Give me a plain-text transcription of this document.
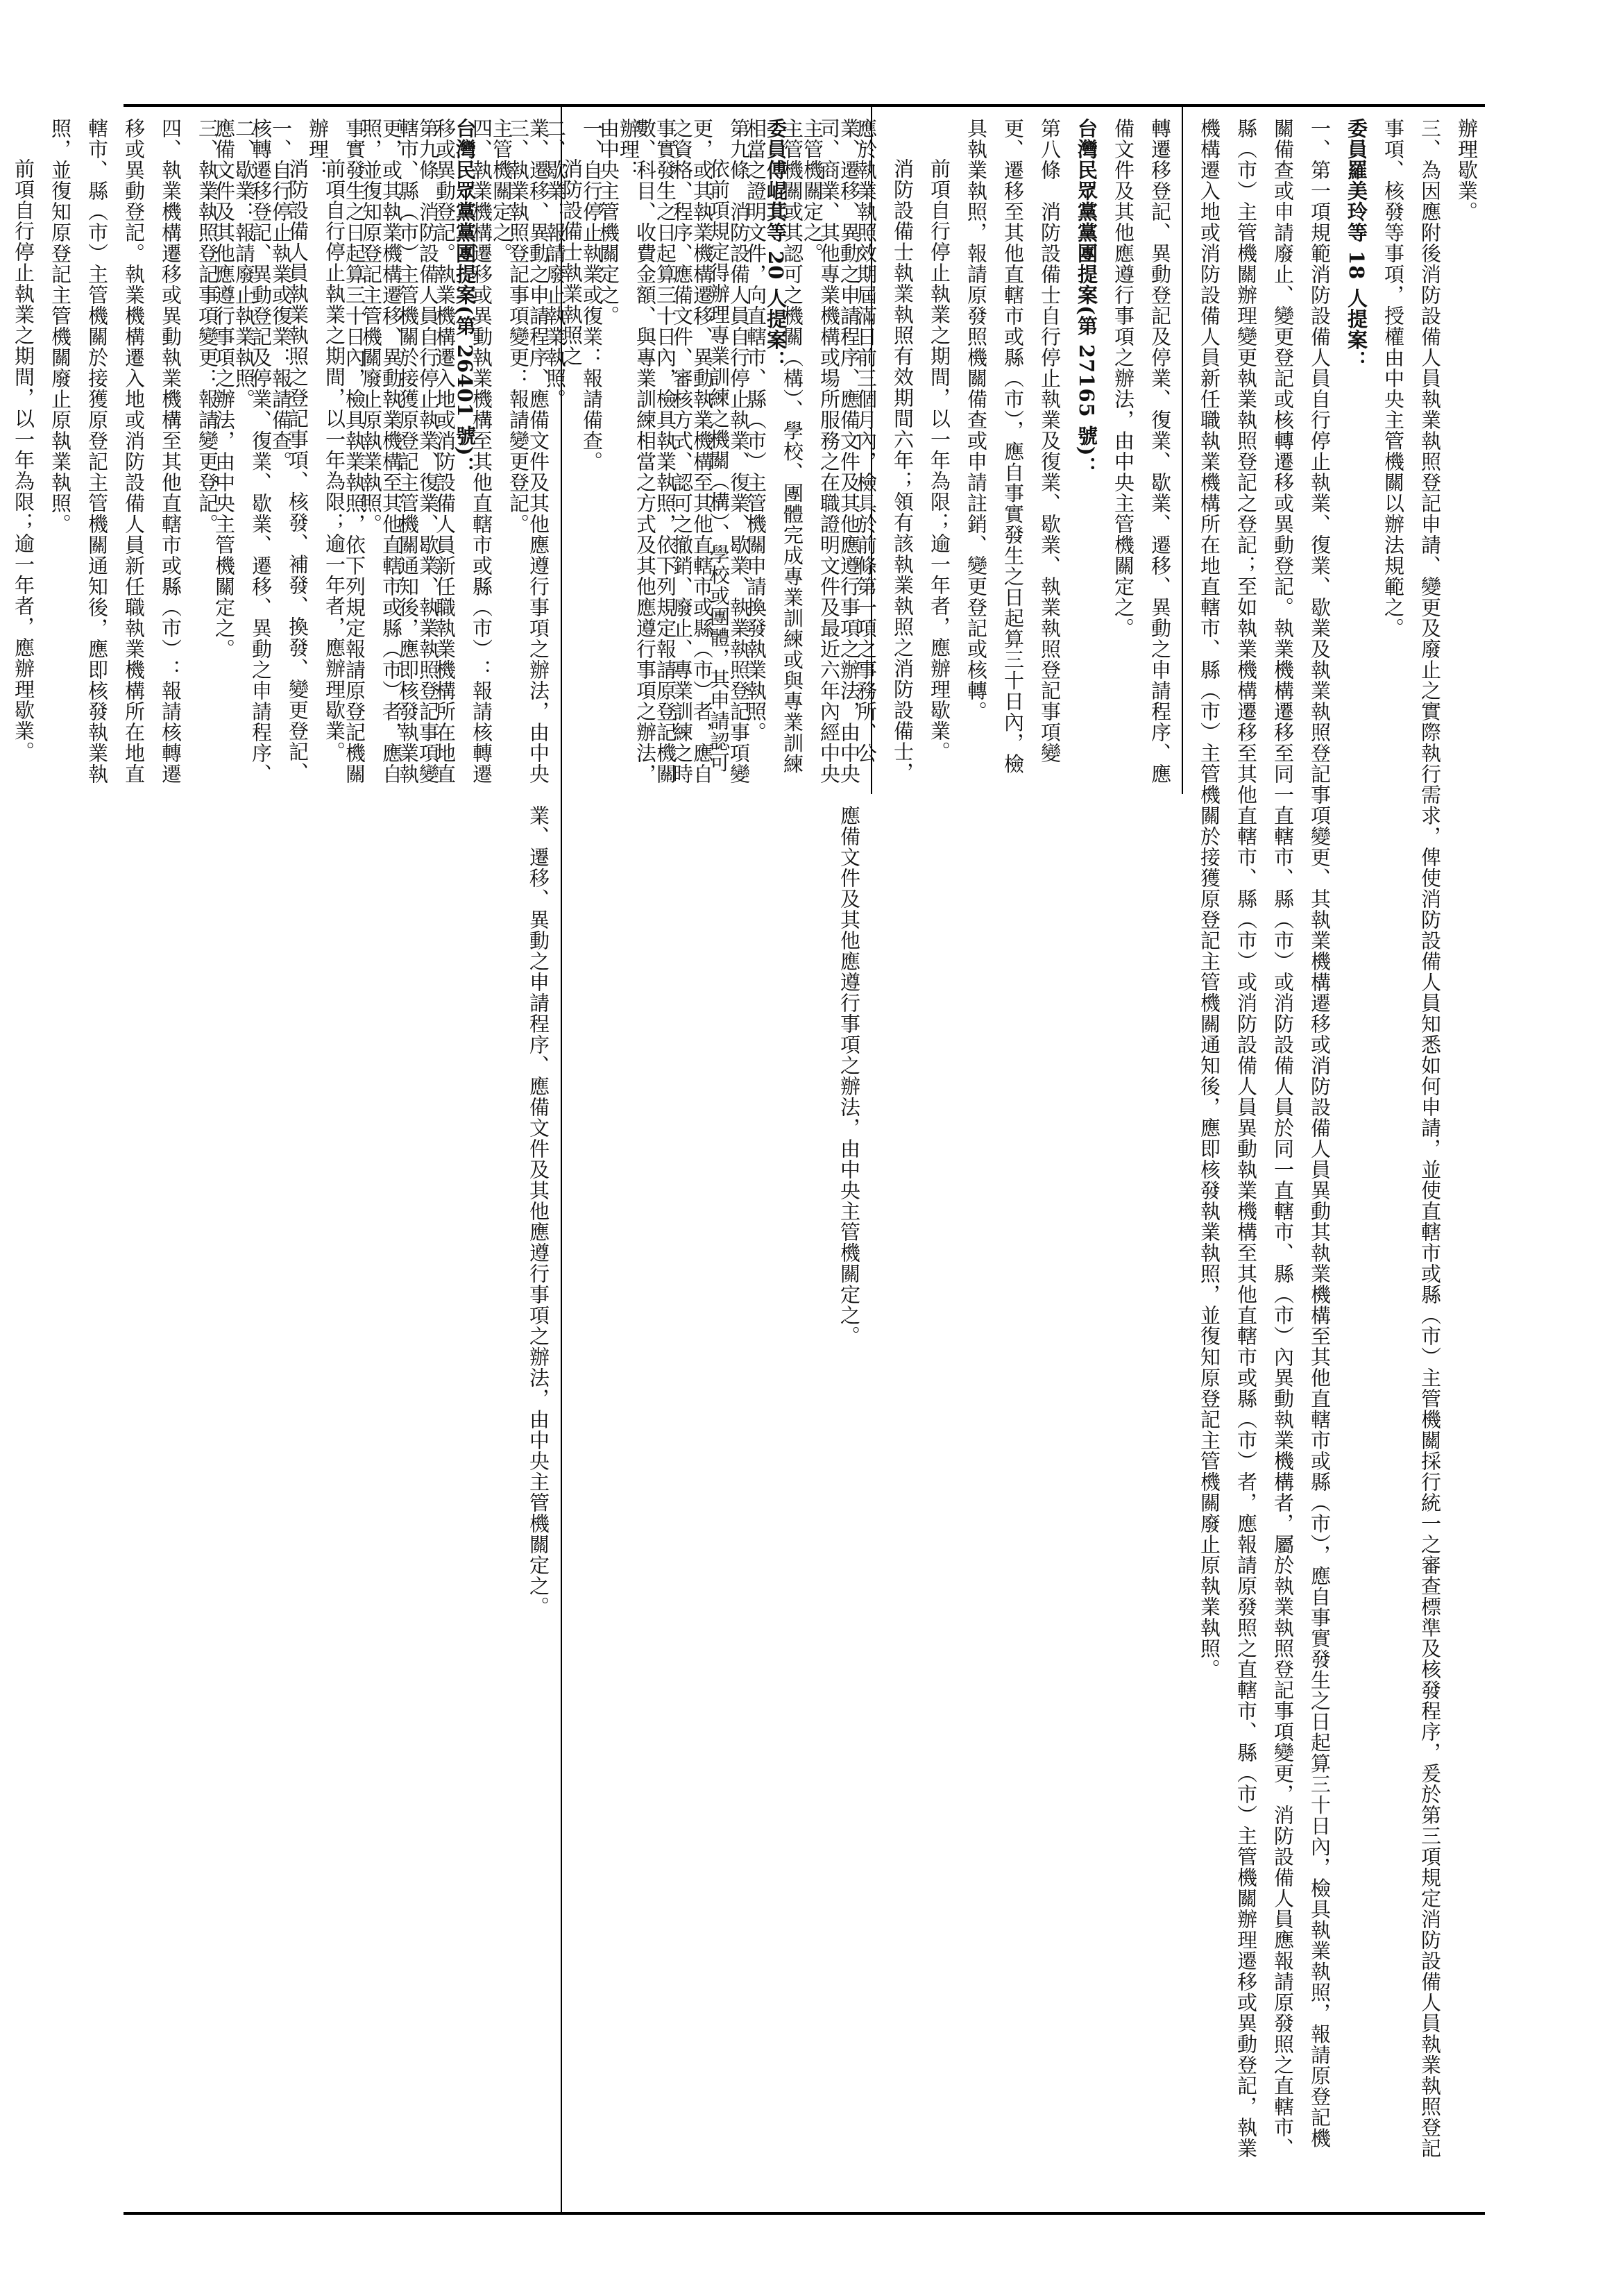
辦理歇業。

三、為因應附後消防設備人員執業執照登記申請、變更及廢止之實際執行需求，俾使消防設備人員知悉如何申請，並使直轄市或縣（市）主管機關採行統一之審查標準及核發程序，爰於第三項規定消防設備人員執業執照登記事項、核發等事項，授權由中央主管機關以辦法規範之。

委員羅美玲等 18 人提案：

一、第一項規範消防設備人員自行停止執業、復業、歇業及執業執照登記事項變更、其執業機構遷移或消防設備人員異動其執業機構至其他直轄市或縣（市），應自事實發生之日起算三十日內，檢具執業執照，報請原登記機關備查或申請廢止、變更登記或核轉遷移或異動登記。執業機構遷移至同一直轄市、縣（市）或消防設備人員於同一直轄市、縣（市）內異動執業機構者，屬於執業執照登記事項變更，消防設備人員應報請原發照之直轄市、縣（市）主管機關辦理變更執業執照登記之登記；至如執業機構遷移至其他直轄市、縣（市）或消防設備人員異動執業機構至其他直轄市或縣（市）者，應報請原發照之直轄市、縣（市）主管機關辦理遷移或異動登記，執業機構遷入地或消防設備人員新任職執業機構所在地直轄市、縣（市）主管機關於接獲原登記主管機關通知後，應即核發執業執照，並復知原登記主管機關廢止原執業執照。

轉遷移登記、異動登記及停業、復業、歇業、遷移、異動之申請程序、應備文件及其他應遵行事項之辦法，由中央主管機關定之。

台灣民眾黨黨團提案(第 27165 號)：

第八條　消防設備士自行停止執業及復業、歇業、執業執照登記事項變更、遷移至其他直轄市或縣（市），應自事實發生之日起算三十日內，檢具執業執照，報請原發照機關備查或申請註銷、變更登記或核轉。

前項自行停止執業之期間，以一年為限；逾一年者，應辦理歇業。

消防設備士執業執照有效期間六年；領有該執業執照之消防設備士，應於執業執照效期屆滿日前三個月內，檢具於前條第一項之事務所、公司、商業、其他專業機構或場所服務之在職證明文件及最近六年內經中央主管機關或其認可之機關（構）、學校、團體完成專業訓練或與專業訓練相當之證明文件，向直轄市、縣（市）主管機關申請換發執業執照。

依前項規定得辦理專業訓練之機關（構）、學校或團體，其申請認可之資格、程序、應備文件、審核方式、認可之撤銷、廢止、專業訓練之時數、科目、收費金額、與專業訓練相當之方式及其他應遵行事項之辦法，由中央主管機關定之。

消防設備士執業執照之	業、遷移、異動之申請程序、應備文件及其他應遵行事項之辦法，由中央主管機關定之。

委員傅崐萁等 20 人提案：

第九條　消防設備人員自行停止執業、復業、歇業、執業執照登記事項變更，或其執業機構遷移、異動執業機構至其他直轄市或縣（市）者，應自事實發生之日起算三十日內，檢具執業執照，依下列規定報請原登記機關辦理：

一、自行停止執業或復業：報請備查。

二、歇業：報請廢止執業執照。

三、執業執照登記事項變更：報請變更登記。

四、執業機構遷移或異動執業機構至其他直轄市或縣（市）：報請核轉遷移或異動登記。執業機構遷入地或消防設備人員新任職執業機構所在地直轄市、縣（市）主管機關於接獲原登記主管機關通知後，應即核發執業執照，並復知原登記主管機關廢止原執業執照。

前項自行停止執業之期間，以一年為限；逾一年者，應辦理歇業。

消防設備人員執業執照之登記事項、核發、補發、換發、變更登記、核轉遷移登記、異動登記及停業、復業、歇業、遷移、異動之申請程序、應備文件及其他應遵行事項之辦法，由中央主管機關定之。	業、遷移、異動之申請程序、應備文件及其他應遵行事項之辦法，由中央主管機關定之。

台灣民眾黨黨團提案(第 26401 號)：

第九條　消防設備人員自行停止執業、復業、歇業、執業執照登記事項變更，或其執業機構遷移、異動執業機構至其他直轄市或縣（市）者，應自事實發生之日起算三十日內，檢具執業執照，依下列規定報請原登記機關辦理：

一、自行停止執業或復業：報請備查。

二、歇業：報請廢止執業執照。

三、執業執照登記事項變更：報請變更登記。

四、執業機構遷移或異動執業機構至其他直轄市或縣（市）：報請核轉遷移或異動登記。執業機構遷入地或消防設備人員新任職執業機構所在地直轄市、縣（市）主管機關於接獲原登記主管機關通知後，應即核發執業執照，並復知原登記主管機關廢止原執業執照。

前項自行停止執業之期間，以一年為限；逾一年者，應辦理歇業。

應備文件及其他應遵行事項之辦法，由中央主管機關定之。

業、遷移、異動之申請程序、應備文件及其他應遵行事項之辦法，由中央主管機關定之。
